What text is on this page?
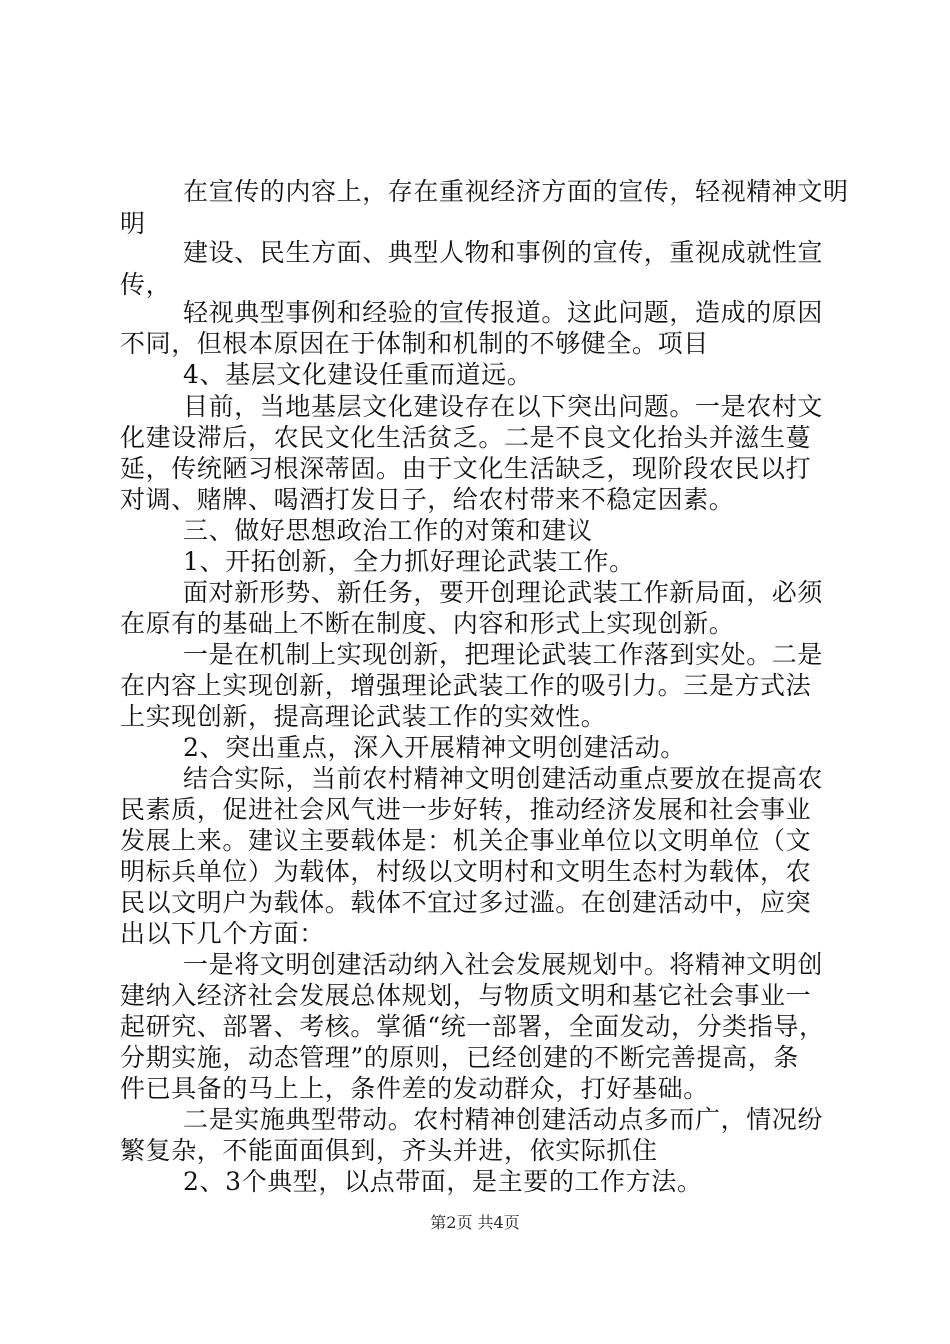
在宣传的内容上，存在重视经济方面的宣传，轻视精神文明
明
建设、民生方面、典型人物和事例的宣传，重视成就性宣
传，
轻视典型事例和经验的宣传报道。这此问题，造成的原因
不同，但根本原因在于体制和机制的不够健全。项目
4、基层文化建设任重而道远。
目前，当地基层文化建设存在以下突出问题。一是农村文
化建设滞后，农民文化生活贫乏。二是不良文化抬头并滋生蔓
延，传统陋习根深蒂固。由于文化生活缺乏，现阶段农民以打
对调、赌牌、喝酒打发日子，给农村带来不稳定因素。
三、做好思想政治工作的对策和建议
1、开拓创新，全力抓好理论武装工作。
面对新形势、新任务，要开创理论武装工作新局面，必须
在原有的基础上不断在制度、内容和形式上实现创新。
一是在机制上实现创新，把理论武装工作落到实处。二是
在内容上实现创新，增强理论武装工作的吸引力。三是方式法
上实现创新，提高理论武装工作的实效性。
2、突出重点，深入开展精神文明创建活动。
结合实际，当前农村精神文明创建活动重点要放在提高农
民素质，促进社会风气进一步好转，推动经济发展和社会事业
发展上来。建议主要载体是：机关企事业单位以文明单位（文
明标兵单位）为载体，村级以文明村和文明生态村为载体，农
民以文明户为载体。载体不宜过多过滥。在创建活动中，应突
出以下几个方面：
一是将文明创建活动纳入社会发展规划中。将精神文明创
建纳入经济社会发展总体规划，与物质文明和基它社会事业一
起研究、部署、考核。掌循“统一部署，全面发动，分类指导，
分期实施，动态管理”的原则，已经创建的不断完善提高，条
件已具备的马上上，条件差的发动群众，打好基础。
二是实施典型带动。农村精神创建活动点多而广，情况纷
繁复杂，不能面面俱到，齐头并进，依实际抓住
2、3个典型，以点带面，是主要的工作方法。
第2页 共4页
